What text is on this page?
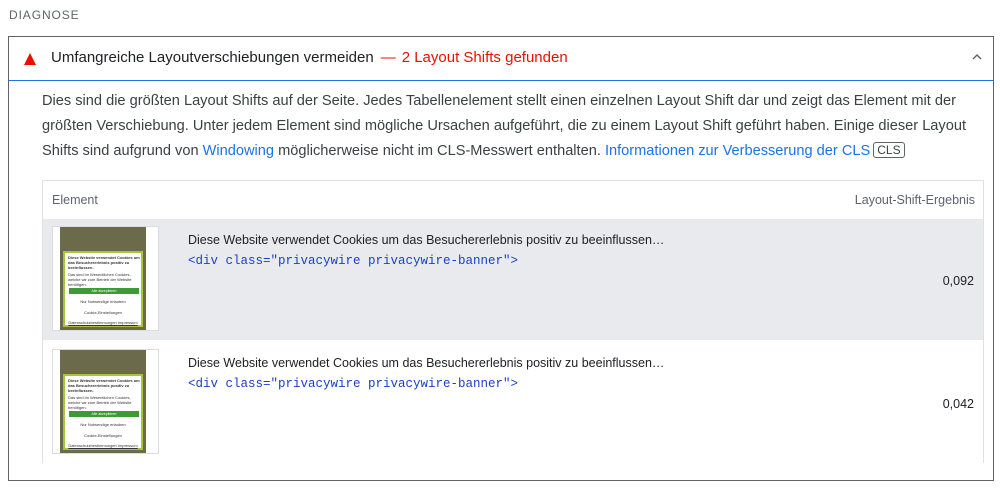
DIAGNOSE
Umfangreiche Layoutverschiebungen vermeiden — 2 Layout Shifts gefunden
Dies sind die größten Layout Shifts auf der Seite. Jedes Tabellenelement stellt einen einzelnen Layout Shift dar und zeigt das Element mit der größten Verschiebung. Unter jedem Element sind mögliche Ursachen aufgeführt, die zu einem Layout Shift geführt haben. Einige dieser Layout Shifts sind aufgrund von Windowing möglicherweise nicht im CLS-Messwert enthalten. Informationen zur Verbesserung der CLS CLS
Element	Layout-Shift-Ergebnis
Diese Website verwendet Cookies um das Besuchererlebnis positiv zu beeinflussen.
Das sind im Wesentlichen Cookies, welche wir zum Betrieb der Website benötigen.
Alle akzeptieren
Nur Notwendige erlauben
Cookie-Einstellungen
Datenschutzbestimmungen Impressum
Diese Website verwendet Cookies um das Besuchererlebnis positiv zu beeinflussen…
<div class="privacywire privacywire-banner">
0,092
Diese Website verwendet Cookies um das Besuchererlebnis positiv zu beeinflussen.
Das sind im Wesentlichen Cookies, welche wir zum Betrieb der Website benötigen.
Alle akzeptieren
Nur Notwendige erlauben
Cookie-Einstellungen
Datenschutzbestimmungen Impressum
Diese Website verwendet Cookies um das Besuchererlebnis positiv zu beeinflussen…
<div class="privacywire privacywire-banner">
0,042
